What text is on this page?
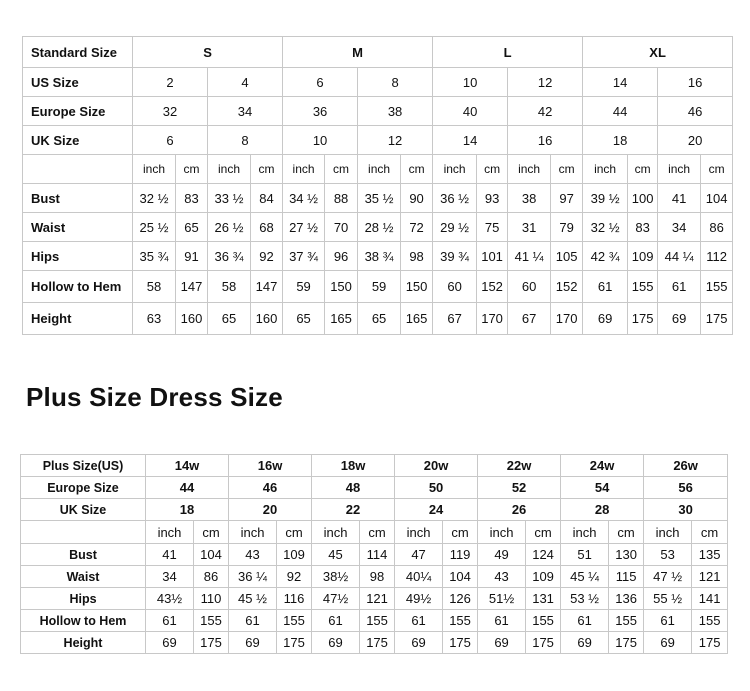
Standard Size	S				M				L				XL			
US Size	2		4		6		8		10		12		14		16	
Europe Size	32		34		36		38		40		42		44		46	
UK Size	6		8		10		12		14		16		18		20	
	inch	cm	inch	cm	inch	cm	inch	cm	inch	cm	inch	cm	inch	cm	inch	cm
Bust	32 ½	83	33 ½	84	34 ½	88	35 ½	90	36 ½	93	38	97	39 ½	100	41	104
Waist	25 ½	65	26 ½	68	27 ½	70	28 ½	72	29 ½	75	31	79	32 ½	83	34	86
Hips	35 ¾	91	36 ¾	92	37 ¾	96	38 ¾	98	39 ¾	101	41 ¼	105	42 ¾	109	44 ¼	112
Hollow to Hem	58	147	58	147	59	150	59	150	60	152	60	152	61	155	61	155
Height	63	160	65	160	65	165	65	165	67	170	67	170	69	175	69	175
Plus Size Dress Size
Plus Size(US)	14w		16w		18w		20w		22w		24w		26w	
Europe Size	44		46		48		50		52		54		56	
UK Size	18		20		22		24		26		28		30	
	inch	cm	inch	cm	inch	cm	inch	cm	inch	cm	inch	cm	inch	cm
Bust	41	104	43	109	45	114	47	119	49	124	51	130	53	135
Waist	34	86	36 ¼	92	38½	98	40¼	104	43	109	45 ¼	115	47 ½	121
Hips	43½	110	45 ½	116	47½	121	49½	126	51½	131	53 ½	136	55 ½	141
Hollow to Hem	61	155	61	155	61	155	61	155	61	155	61	155	61	155
Height	69	175	69	175	69	175	69	175	69	175	69	175	69	175
